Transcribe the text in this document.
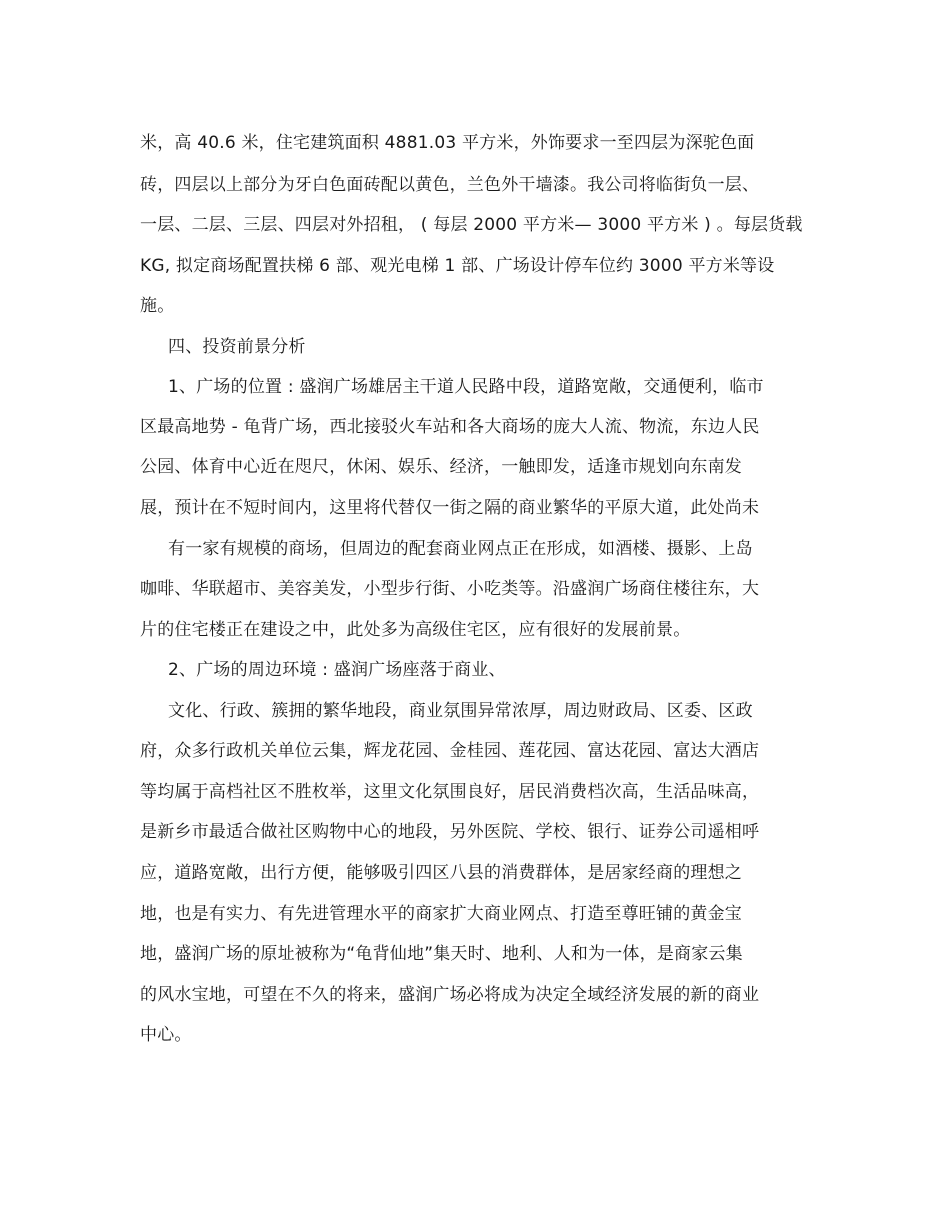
米，高 40.6 米，住宅建筑面积 4881.03 平方米，外饰要求一至四层为深驼色面
砖，四层以上部分为牙白色面砖配以黄色，兰色外干墙漆。我公司将临街负一层、
一层、二层、三层、四层对外招租， ( 每层 2000 平方米— 3000 平方米 ) 。每层货载
KG, 拟定商场配置扶梯 6 部、观光电梯 1 部、广场设计停车位约 3000 平方米等设
施。
四、投资前景分析
1、广场的位置 : 盛润广场雄居主干道人民路中段，道路宽敞，交通便利，临市
区最高地势 - 龟背广场，西北接驳火车站和各大商场的庞大人流、物流，东边人民
公园、体育中心近在咫尺，休闲、娱乐、经济，一触即发，适逢市规划向东南发
展，预计在不短时间内，这里将代替仅一街之隔的商业繁华的平原大道，此处尚未
有一家有规模的商场，但周边的配套商业网点正在形成，如酒楼、摄影、上岛
咖啡、华联超市、美容美发，小型步行街、小吃类等。沿盛润广场商住楼往东，大
片的住宅楼正在建设之中，此处多为高级住宅区，应有很好的发展前景。
2、广场的周边环境 : 盛润广场座落于商业、
文化、行政、簇拥的繁华地段，商业氛围异常浓厚，周边财政局、区委、区政
府，众多行政机关单位云集，辉龙花园、金桂园、莲花园、富达花园、富达大酒店
等均属于高档社区不胜枚举，这里文化氛围良好，居民消费档次高，生活品味高，
是新乡市最适合做社区购物中心的地段，另外医院、学校、银行、证券公司遥相呼
应，道路宽敞，出行方便，能够吸引四区八县的消费群体，是居家经商的理想之
地，也是有实力、有先进管理水平的商家扩大商业网点、打造至尊旺铺的黄金宝
地，盛润广场的原址被称为“龟背仙地”集天时、地利、人和为一体，是商家云集
的风水宝地，可望在不久的将来，盛润广场必将成为决定全域经济发展的新的商业
中心。
